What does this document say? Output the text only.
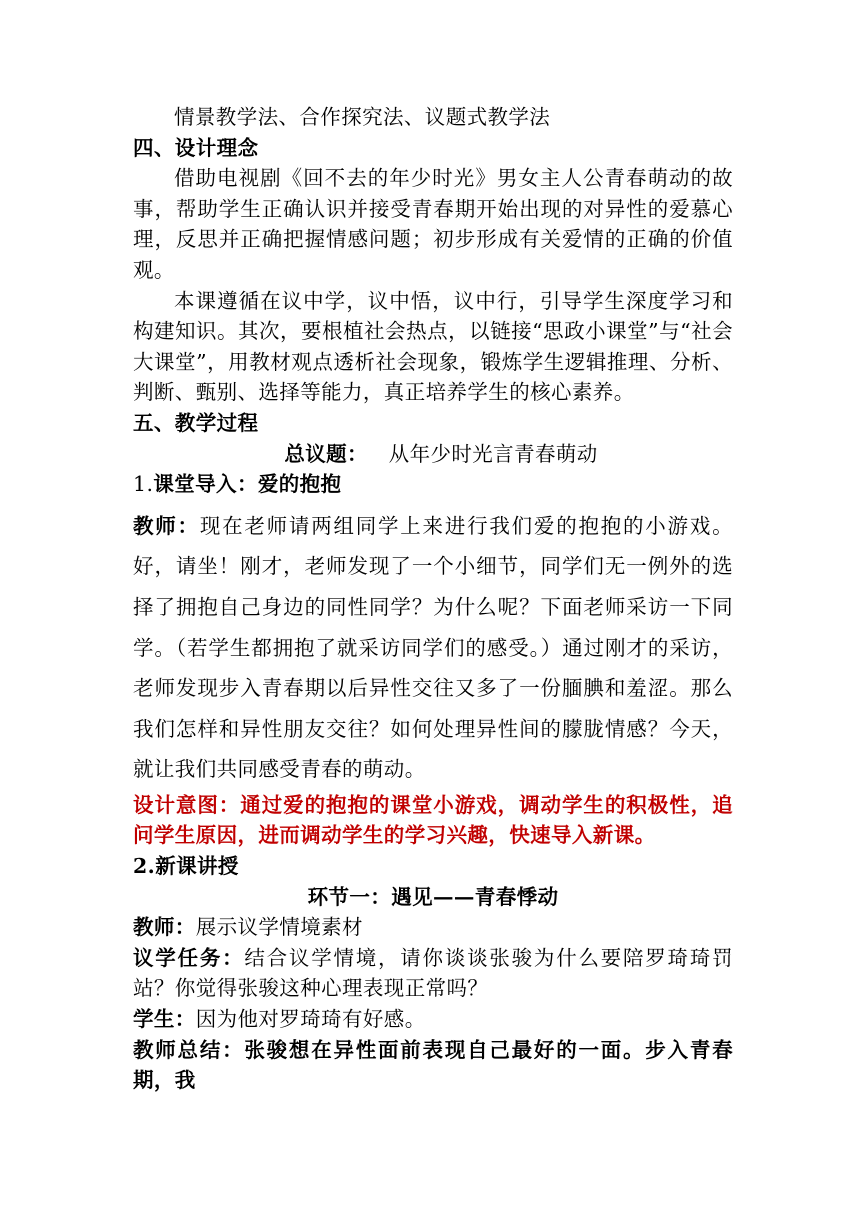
情景教学法、合作探究法、议题式教学法

四、设计理念

借助电视剧《回不去的年少时光》男女主人公青春萌动的故事，帮助学生正确认识并接受青春期开始出现的对异性的爱慕心理，反思并正确把握情感问题；初步形成有关爱情的正确的价值观。

本课遵循在议中学，议中悟，议中行，引导学生深度学习和构建知识。其次，要根植社会热点，以链接“思政小课堂”与“社会大课堂”，用教材观点透析社会现象，锻炼学生逻辑推理、分析、判断、甄别、选择等能力，真正培养学生的核心素养。

五、教学过程

总议题： 从年少时光言青春萌动

1.课堂导入：爱的抱抱

教师：现在老师请两组同学上来进行我们爱的抱抱的小游戏。好，请坐！刚才，老师发现了一个小细节，同学们无一例外的选择了拥抱自己身边的同性同学？为什么呢？下面老师采访一下同学。（若学生都拥抱了就采访同学们的感受。）通过刚才的采访，老师发现步入青春期以后异性交往又多了一份腼腆和羞涩。那么我们怎样和异性朋友交往？如何处理异性间的朦胧情感？今天，就让我们共同感受青春的萌动。

设计意图：通过爱的抱抱的课堂小游戏，调动学生的积极性，追问学生原因，进而调动学生的学习兴趣，快速导入新课。

2.新课讲授

环节一：遇见——青春悸动

教师：展示议学情境素材

议学任务：结合议学情境，请你谈谈张骏为什么要陪罗琦琦罚站？你觉得张骏这种心理表现正常吗？

学生：因为他对罗琦琦有好感。

教师总结：张骏想在异性面前表现自己最好的一面。步入青春期，我
